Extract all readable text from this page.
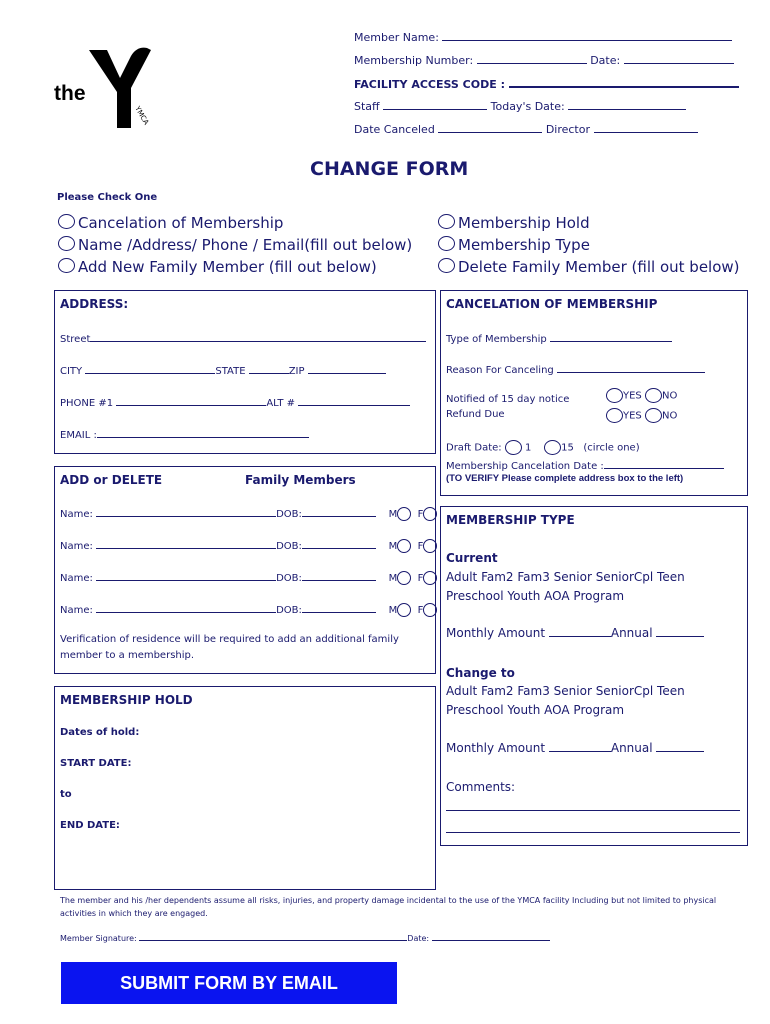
the
YMCA
Member Name:
Membership Number:	Date:
FACILITY ACCESS CODE :
Staff	Today's Date:
Date Canceled	Director
CHANGE FORM
Please Check One
Cancelation of Membership
Name /Address/ Phone / Email(fill out below)
Add New Family Member (fill out below)
Membership Hold
Membership Type
Delete Family Member (fill out below)
ADDRESS:
Street
CITY	STATE	ZIP
PHONE #1	ALT #
EMAIL :
ADD or DELETE	Family Members
Name:	DOB:	M F
Name:	DOB:	M F
Name:	DOB:	M F
Name:	DOB:	M F
Verification of residence will be required to add an additional family member to a membership.
MEMBERSHIP HOLD
Dates of hold:
START DATE:
to
END DATE:
CANCELATION OF MEMBERSHIP
Type of Membership
Reason For Canceling
Notified of 15 day notice
Refund Due
YES NO
YES NO
Draft Date: 1	15 (circle one)
Membership Cancelation Date :
(TO VERIFY Please complete address box to the left)
MEMBERSHIP TYPE
Current
Adult Fam2 Fam3 Senior SeniorCpl Teen
Preschool Youth AOA Program
Monthly Amount	Annual
Change to
Adult Fam2 Fam3 Senior SeniorCpl Teen
Preschool Youth AOA Program
Monthly Amount	Annual
Comments:
The member and his /her dependents assume all risks, injuries, and property damage incidental to the use of the YMCA facility Including but not limited to physical activities in which they are engaged.
Member Signature:	Date:
SUBMIT FORM BY EMAIL
